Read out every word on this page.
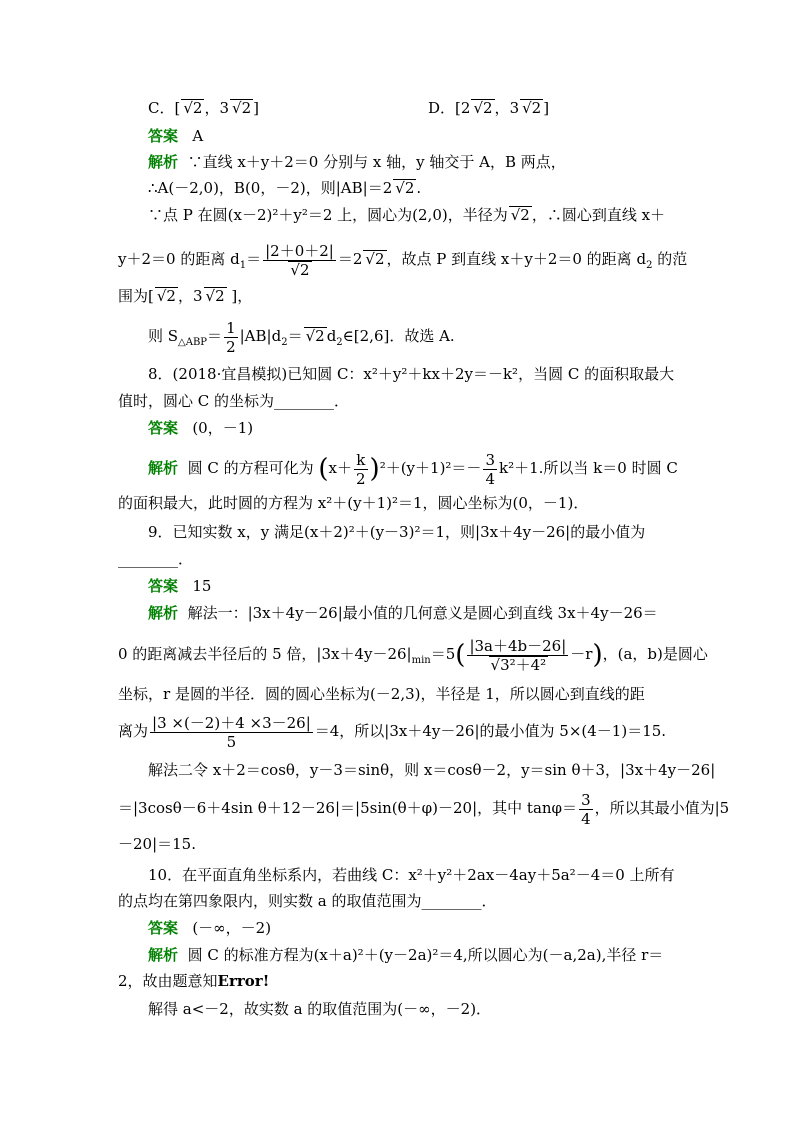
C．[√ 2 ，3√ 2 ]	D．[2√ 2 ，3√ 2 ]
答案 A
解析 ∵直线 x＋y＋2＝0 分别与 x 轴，y 轴交于 A，B 两点，
∴A(－2,0)，B(0，－2)，则|AB|＝2√ 2 .
∵点 P 在圆(x－2)²＋y²＝2 上，圆心为(2,0)，半径为√ 2 ，∴圆心到直线 x＋
y＋2＝0 的距离 $d_1= |2+0+2|$
√ 2 ＝2√ 2 ，故点 P 到直线 x＋y＋2＝0 的距离 $d_2$ 的范
围为[√ 2 ，3√ 2 ]，
则 $S_{\triangle ABP}= \frac{1}{2} |AB|d_2=√$ 2 $d_2\in[2,6]$．故选 A.
8．(2018·宜昌模拟)已知圆 C：x²＋y²＋kx＋2y＝－k²，当圆 C 的面积取最大
值时，圆心 C 的坐标为________．
答案 (0，－1)
解析 圆 C 的方程可化为 $(x+ \frac{k}{2} )^2+(y+1)^2=- \frac{3}{4} k^2+1$.所以当 k＝0 时圆 C
的面积最大，此时圆的方程为 x²＋(y＋1)²＝1，圆心坐标为(0，－1)．
9．已知实数 x，y 满足(x＋2)²＋(y－3)²＝1，则|3x＋4y－26|的最小值为
________．
答案 15
解析 解法一：|3x＋4y－26|最小值的几何意义是圆心到直线 3x＋4y－26＝
0 的距离减去半径后的 5 倍，$|3x+4y-26|_{min}=5$( |3a＋4b－26|
√ 3²＋4² －r)，(a，b)是圆心
坐标，r 是圆的半径．圆的圆心坐标为(－2,3)，半径是 1，所以圆心到直线的距
离为 $\frac{|3 \times(-2)+4 \times 3-26|}{5} =4$，所以|3x＋4y－26|的最小值为 5×(4－1)＝15.
解法二令 x＋2＝cosθ，y－3＝sinθ，则 x＝cosθ－2，y＝sin θ＋3，|3x＋4y－26|
＝|3cosθ－6＋4sin θ＋12－26|＝|5sin(θ＋φ)－20|，其中 $\tan\varphi= \frac{3}{4}$ ，所以其最小值为|5
－20|＝15.
10．在平面直角坐标系内，若曲线 C：x²＋y²＋2ax－4ay＋5a²－4＝0 上所有
的点均在第四象限内，则实数 a 的取值范围为________．
答案 (－∞，－2)
解析 圆 C 的标准方程为(x＋a)²＋(y－2a)²＝4,所以圆心为(－a,2a),半径 r＝
2，故由题意知Error!
解得 a<－2，故实数 a 的取值范围为(－∞，－2)．
